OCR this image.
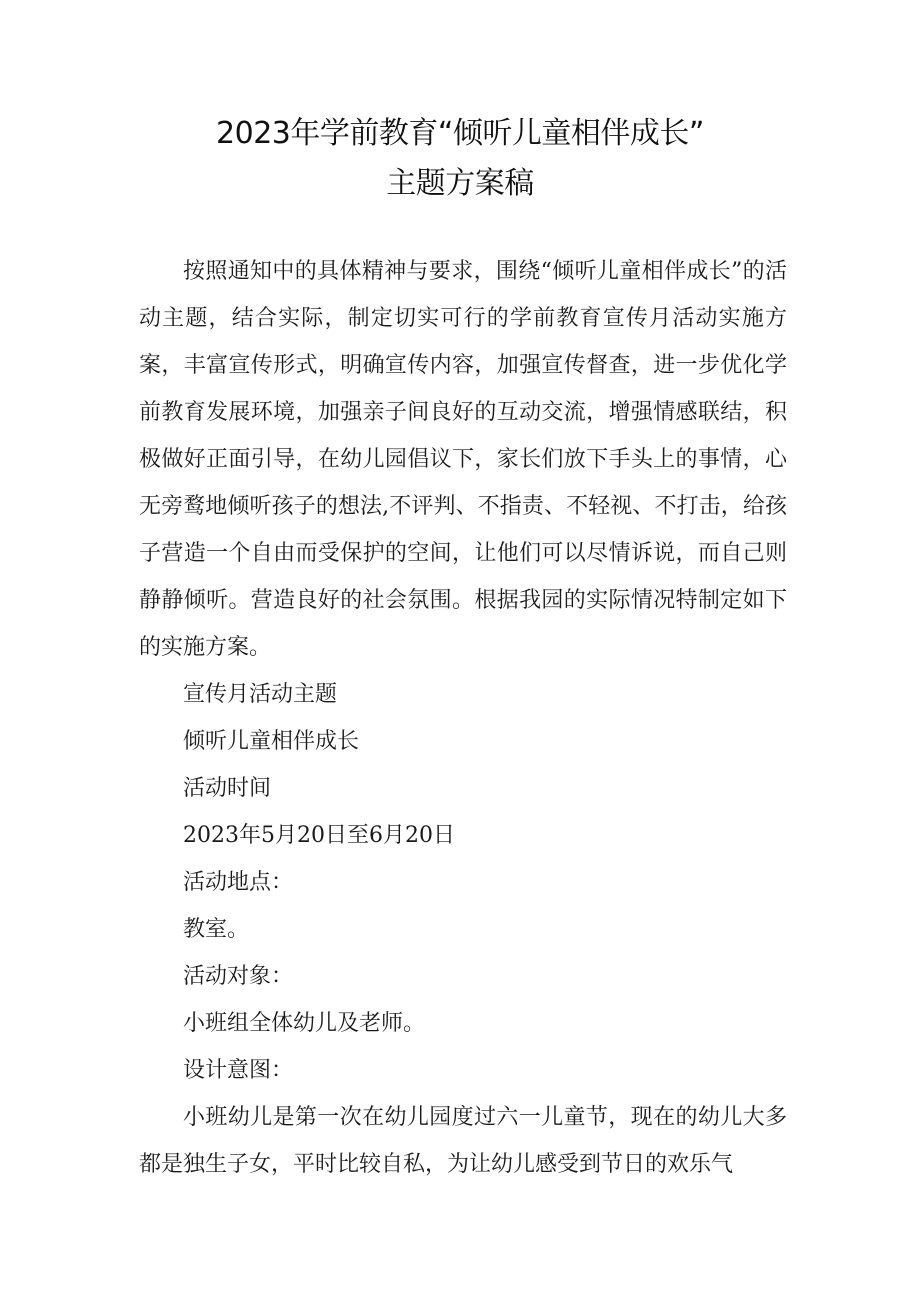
2023年学前教育“倾听儿童相伴成长”
主题方案稿

按照通知中的具体精神与要求，围绕“倾听儿童相伴成长”的活动主题，结合实际，制定切实可行的学前教育宣传月活动实施方案，丰富宣传形式，明确宣传内容，加强宣传督查，进一步优化学前教育发展环境，加强亲子间良好的互动交流，增强情感联结，积极做好正面引导，在幼儿园倡议下，家长们放下手头上的事情，心无旁鹜地倾听孩子的想法,不评判、不指责、不轻视、不打击，给孩子营造一个自由而受保护的空间，让他们可以尽情诉说，而自己则静静倾听。营造良好的社会氛围。根据我园的实际情况特制定如下的实施方案。

宣传月活动主题

倾听儿童相伴成长

活动时间

2023年5月20日至6月20日

活动地点：

教室。

活动对象：

小班组全体幼儿及老师。

设计意图：

小班幼儿是第一次在幼儿园度过六一儿童节，现在的幼儿大多都是独生子女，平时比较自私，为让幼儿感受到节日的欢乐气
